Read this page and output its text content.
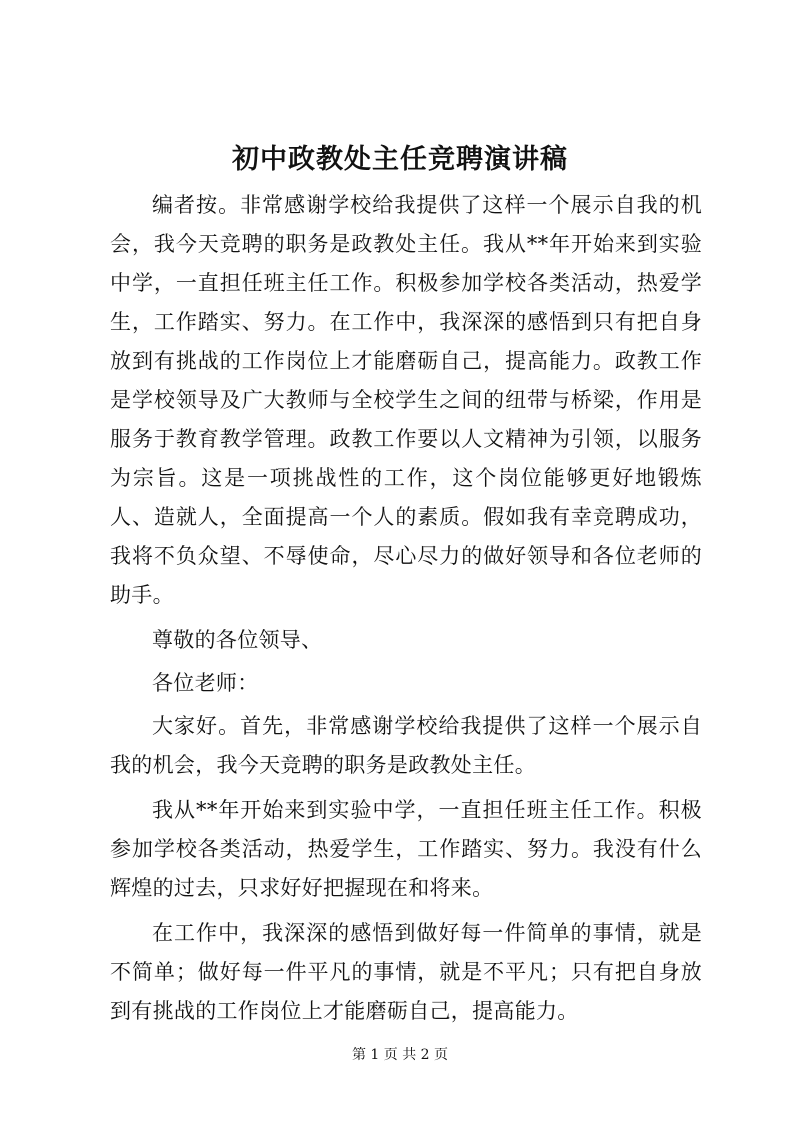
初中政教处主任竞聘演讲稿

编者按。非常感谢学校给我提供了这样一个展示自我的机会，我今天竞聘的职务是政教处主任。我从**年开始来到实验中学，一直担任班主任工作。积极参加学校各类活动，热爱学生，工作踏实、努力。在工作中，我深深的感悟到只有把自身放到有挑战的工作岗位上才能磨砺自己，提高能力。政教工作是学校领导及广大教师与全校学生之间的纽带与桥梁，作用是服务于教育教学管理。政教工作要以人文精神为引领，以服务为宗旨。这是一项挑战性的工作，这个岗位能够更好地锻炼人、造就人，全面提高一个人的素质。假如我有幸竞聘成功，我将不负众望、不辱使命，尽心尽力的做好领导和各位老师的助手。

尊敬的各位领导、

各位老师：

大家好。首先，非常感谢学校给我提供了这样一个展示自我的机会，我今天竞聘的职务是政教处主任。

我从**年开始来到实验中学，一直担任班主任工作。积极参加学校各类活动，热爱学生，工作踏实、努力。我没有什么辉煌的过去，只求好好把握现在和将来。

在工作中，我深深的感悟到做好每一件简单的事情，就是不简单；做好每一件平凡的事情，就是不平凡；只有把自身放到有挑战的工作岗位上才能磨砺自己，提高能力。

第 1 页 共 2 页
